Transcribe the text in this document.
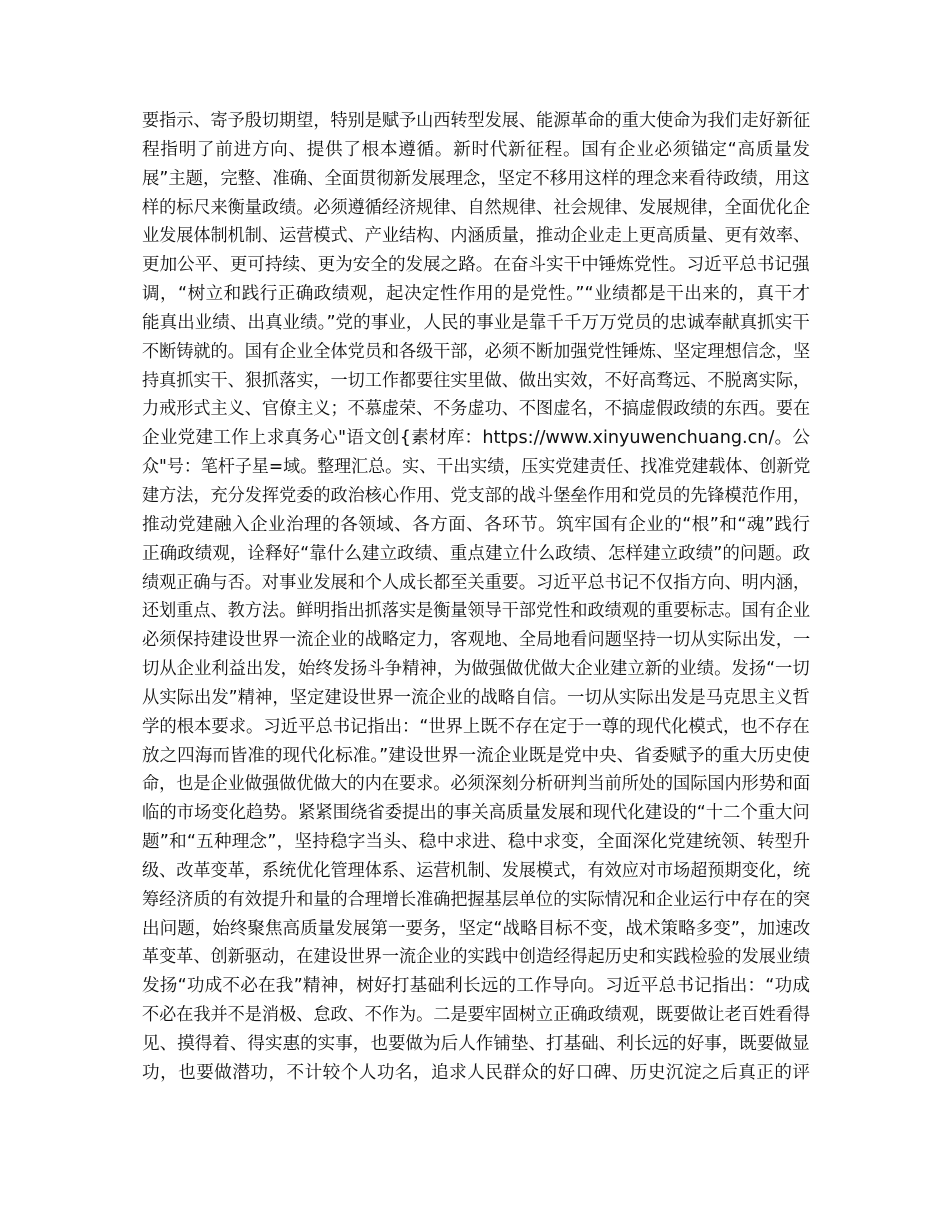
要指示、寄予殷切期望，特别是赋予山西转型发展、能源革命的重大使命为我们走好新征
程指明了前进方向、提供了根本遵循。新时代新征程。国有企业必须锚定“高质量发
展”主题，完整、准确、全面贯彻新发展理念，坚定不移用这样的理念来看待政绩，用这
样的标尺来衡量政绩。必须遵循经济规律、自然规律、社会规律、发展规律，全面优化企
业发展体制机制、运营模式、产业结构、内涵质量，推动企业走上更高质量、更有效率、
更加公平、更可持续、更为安全的发展之路。在奋斗实干中锤炼党性。习近平总书记强
调，“树立和践行正确政绩观，起决定性作用的是党性。”“业绩都是干出来的，真干才
能真出业绩、出真业绩。”党的事业，人民的事业是靠千千万万党员的忠诚奉献真抓实干
不断铸就的。国有企业全体党员和各级干部，必须不断加强党性锤炼、坚定理想信念，坚
持真抓实干、狠抓落实，一切工作都要往实里做、做出实效，不好高骛远、不脱离实际，
力戒形式主义、官僚主义；不慕虚荣、不务虚功、不图虚名，不搞虚假政绩的东西。要在
企业党建工作上求真务心"语文创{素材库：https://www.xinyuwenchuang.cn/。公
众"号：笔杆子星=域。整理汇总。实、干出实绩，压实党建责任、找准党建载体、创新党
建方法，充分发挥党委的政治核心作用、党支部的战斗堡垒作用和党员的先锋模范作用，
推动党建融入企业治理的各领域、各方面、各环节。筑牢国有企业的“根”和“魂”践行
正确政绩观，诠释好“靠什么建立政绩、重点建立什么政绩、怎样建立政绩”的问题。政
绩观正确与否。对事业发展和个人成长都至关重要。习近平总书记不仅指方向、明内涵，
还划重点、教方法。鲜明指出抓落实是衡量领导干部党性和政绩观的重要标志。国有企业
必须保持建设世界一流企业的战略定力，客观地、全局地看问题坚持一切从实际出发，一
切从企业利益出发，始终发扬斗争精神，为做强做优做大企业建立新的业绩。发扬“一切
从实际出发”精神，坚定建设世界一流企业的战略自信。一切从实际出发是马克思主义哲
学的根本要求。习近平总书记指出：“世界上既不存在定于一尊的现代化模式，也不存在
放之四海而皆准的现代化标准。”建设世界一流企业既是党中央、省委赋予的重大历史使
命，也是企业做强做优做大的内在要求。必须深刻分析研判当前所处的国际国内形势和面
临的市场变化趋势。紧紧围绕省委提出的事关高质量发展和现代化建设的“十二个重大问
题”和“五种理念”，坚持稳字当头、稳中求进、稳中求变，全面深化党建统领、转型升
级、改革变革，系统优化管理体系、运营机制、发展模式，有效应对市场超预期变化，统
筹经济质的有效提升和量的合理增长准确把握基层单位的实际情况和企业运行中存在的突
出问题，始终聚焦高质量发展第一要务，坚定“战略目标不变，战术策略多变”，加速改
革变革、创新驱动，在建设世界一流企业的实践中创造经得起历史和实践检验的发展业绩
发扬“功成不必在我”精神，树好打基础利长远的工作导向。习近平总书记指出：“功成
不必在我并不是消极、怠政、不作为。二是要牢固树立正确政绩观，既要做让老百姓看得
见、摸得着、得实惠的实事，也要做为后人作铺垫、打基础、利长远的好事，既要做显
功，也要做潜功，不计较个人功名，追求人民群众的好口碑、历史沉淀之后真正的评
